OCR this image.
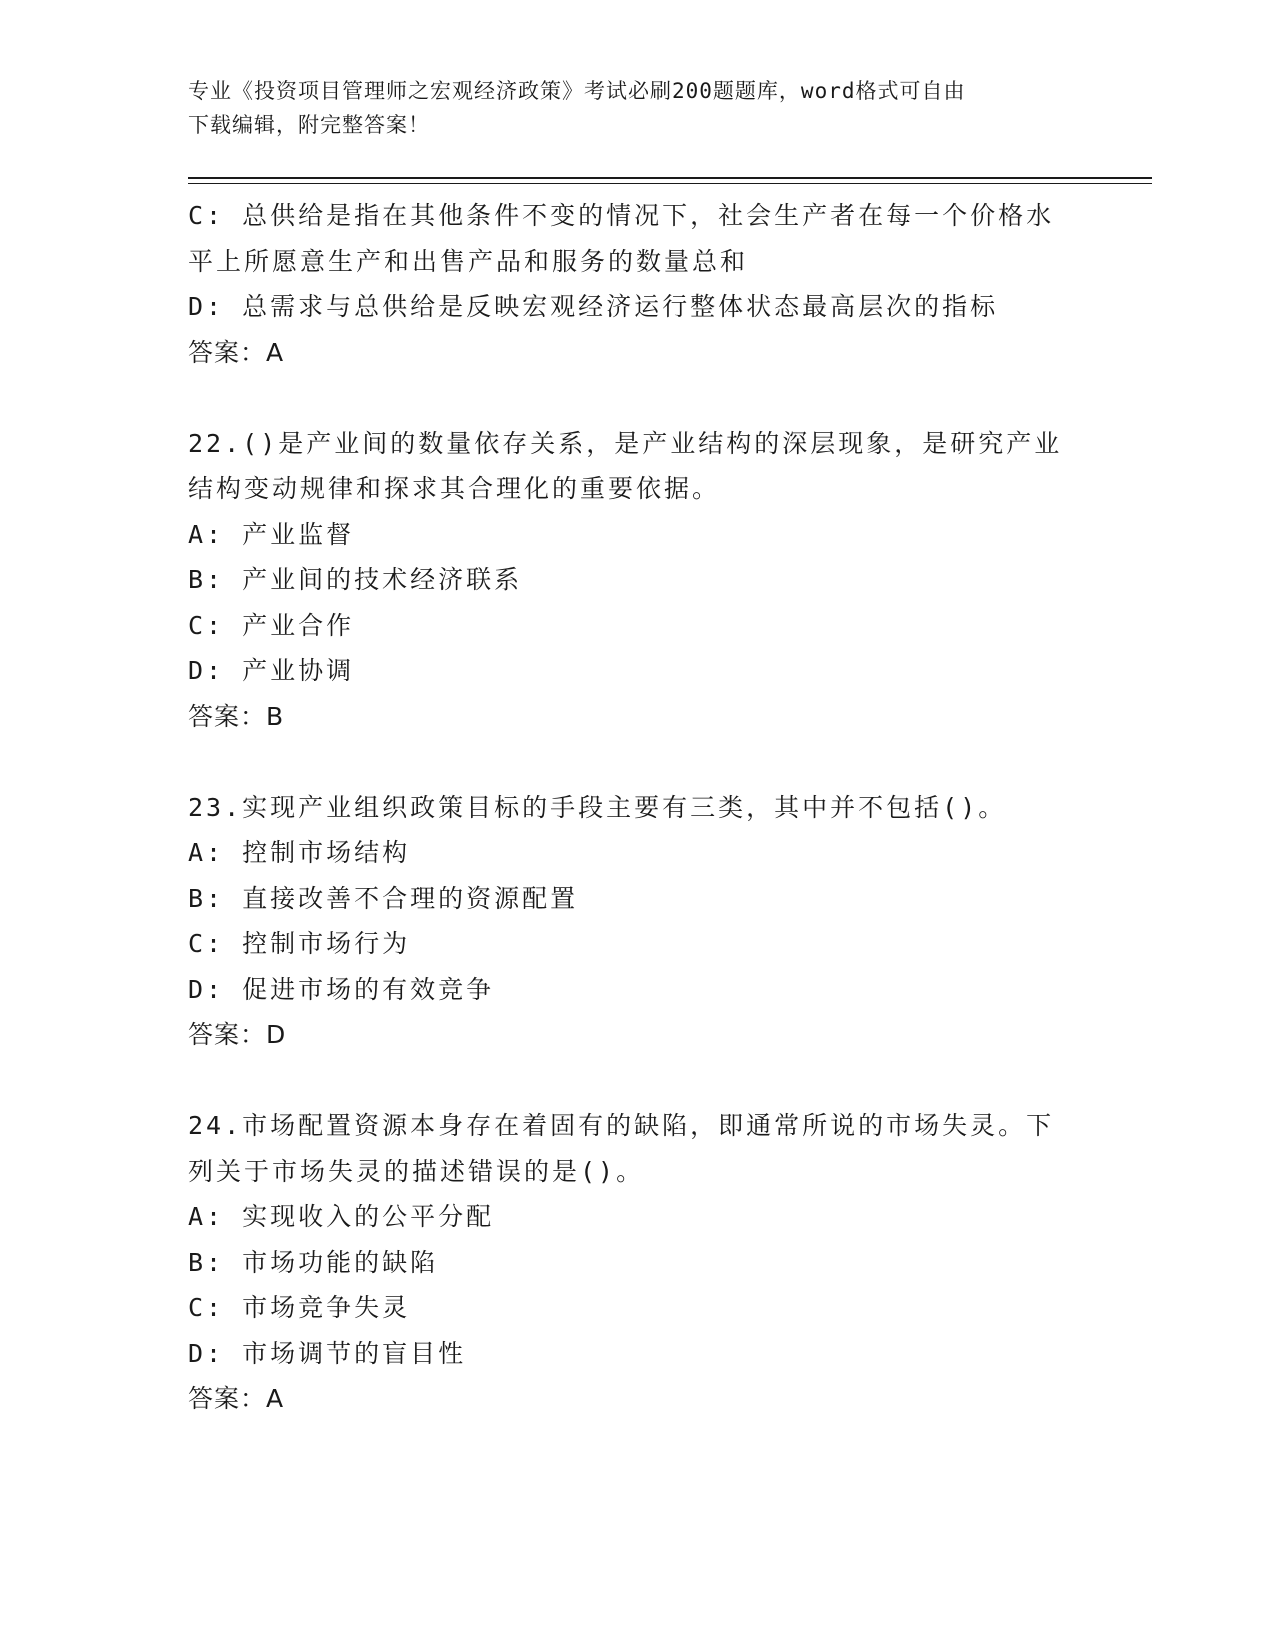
专业《投资项目管理师之宏观经济政策》考试必刷200题题库，word格式可自由
下载编辑，附完整答案！
C: 总供给是指在其他条件不变的情况下，社会生产者在每一个价格水
平上所愿意生产和出售产品和服务的数量总和
D: 总需求与总供给是反映宏观经济运行整体状态最高层次的指标
答案：A
22.()是产业间的数量依存关系，是产业结构的深层现象，是研究产业
结构变动规律和探求其合理化的重要依据。
A: 产业监督
B: 产业间的技术经济联系
C: 产业合作
D: 产业协调
答案：B
23.实现产业组织政策目标的手段主要有三类，其中并不包括()。
A: 控制市场结构
B: 直接改善不合理的资源配置
C: 控制市场行为
D: 促进市场的有效竞争
答案：D
24.市场配置资源本身存在着固有的缺陷，即通常所说的市场失灵。下
列关于市场失灵的描述错误的是()。
A: 实现收入的公平分配
B: 市场功能的缺陷
C: 市场竞争失灵
D: 市场调节的盲目性
答案：A
